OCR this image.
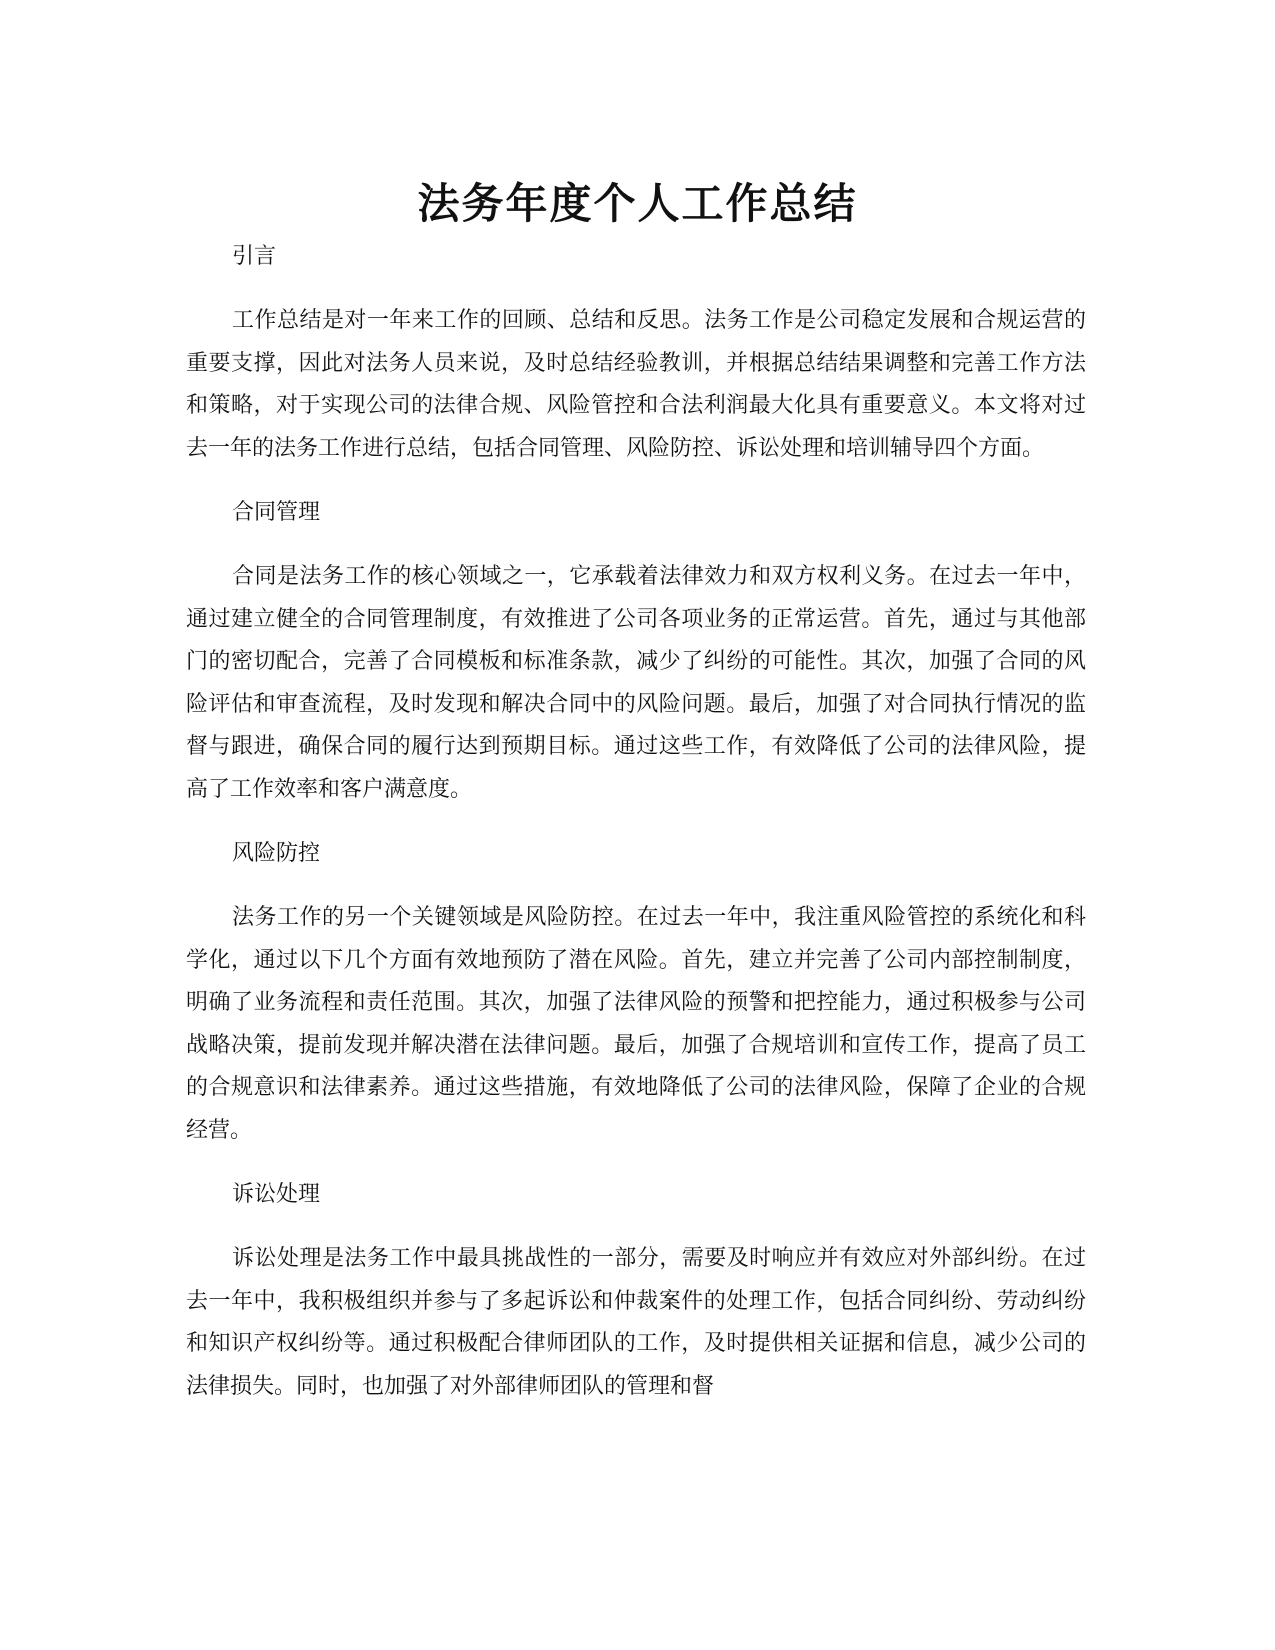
法务年度个人工作总结
引言

工作总结是对一年来工作的回顾、总结和反思。法务工作是公司稳定发展和合规运营的重要支撑，因此对法务人员来说，及时总结经验教训，并根据总结结果调整和完善工作方法和策略，对于实现公司的法律合规、风险管控和合法利润最大化具有重要意义。本文将对过去一年的法务工作进行总结，包括合同管理、风险防控、诉讼处理和培训辅导四个方面。

合同管理

合同是法务工作的核心领域之一，它承载着法律效力和双方权利义务。在过去一年中，通过建立健全的合同管理制度，有效推进了公司各项业务的正常运营。首先，通过与其他部门的密切配合，完善了合同模板和标准条款，减少了纠纷的可能性。其次，加强了合同的风险评估和审查流程，及时发现和解决合同中的风险问题。最后，加强了对合同执行情况的监督与跟进，确保合同的履行达到预期目标。通过这些工作，有效降低了公司的法律风险，提高了工作效率和客户满意度。

风险防控

法务工作的另一个关键领域是风险防控。在过去一年中，我注重风险管控的系统化和科学化，通过以下几个方面有效地预防了潜在风险。首先，建立并完善了公司内部控制制度，明确了业务流程和责任范围。其次，加强了法律风险的预警和把控能力，通过积极参与公司战略决策，提前发现并解决潜在法律问题。最后，加强了合规培训和宣传工作，提高了员工的合规意识和法律素养。通过这些措施，有效地降低了公司的法律风险，保障了企业的合规经营。

诉讼处理

诉讼处理是法务工作中最具挑战性的一部分，需要及时响应并有效应对外部纠纷。在过去一年中，我积极组织并参与了多起诉讼和仲裁案件的处理工作，包括合同纠纷、劳动纠纷和知识产权纠纷等。通过积极配合律师团队的工作，及时提供相关证据和信息，减少公司的法律损失。同时，也加强了对外部律师团队的管理和督
